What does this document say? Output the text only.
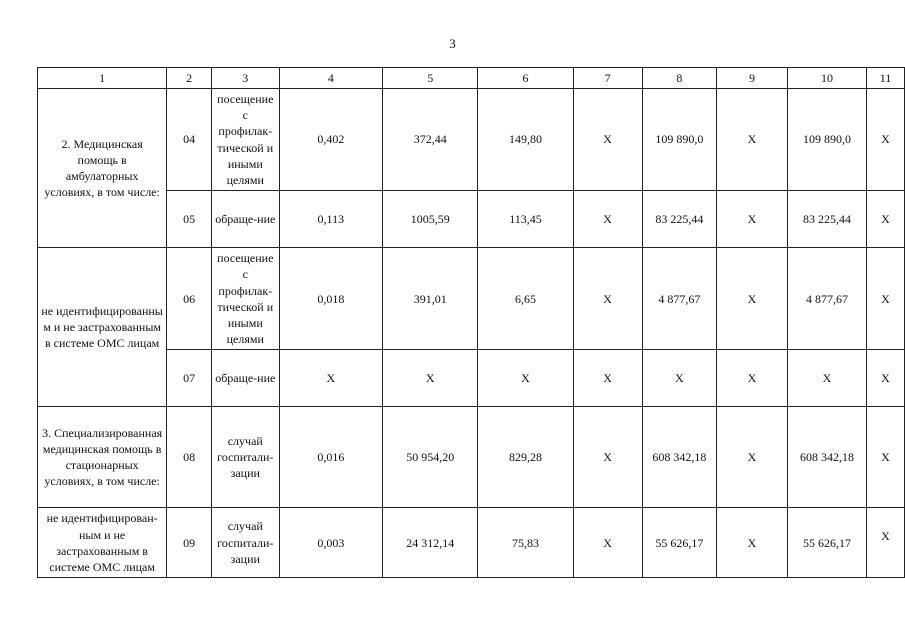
3
1	2	3	4	5	6	7	8	9	10	11
2. Медицинская помощь в амбулаторных условиях, в том числе:	04	посещение с профилак-тической и иными целями	0,402	372,44	149,80	X	109 890,0	X	109 890,0	X
	05	обраще-ние	0,113	1005,59	113,45	X	83 225,44	X	83 225,44	X
не идентифицированны м и не застрахованным в системе ОМС лицам	06	посещение с профилак-тической и иными целями	0,018	391,01	6,65	X	4 877,67	X	4 877,67	X
	07	обраще-ние	X	X	X	X	X	X	X	X
3. Специализированная медицинская помощь в стационарных условиях, в том числе:	08	случай госпитали-зации	0,016	50 954,20	829,28	X	608 342,18	X	608 342,18	X
не идентифицирован-ным и не застрахованным в системе ОМС лицам	09	случай госпитали-зации	0,003	24 312,14	75,83	X	55 626,17	X	55 626,17	X
